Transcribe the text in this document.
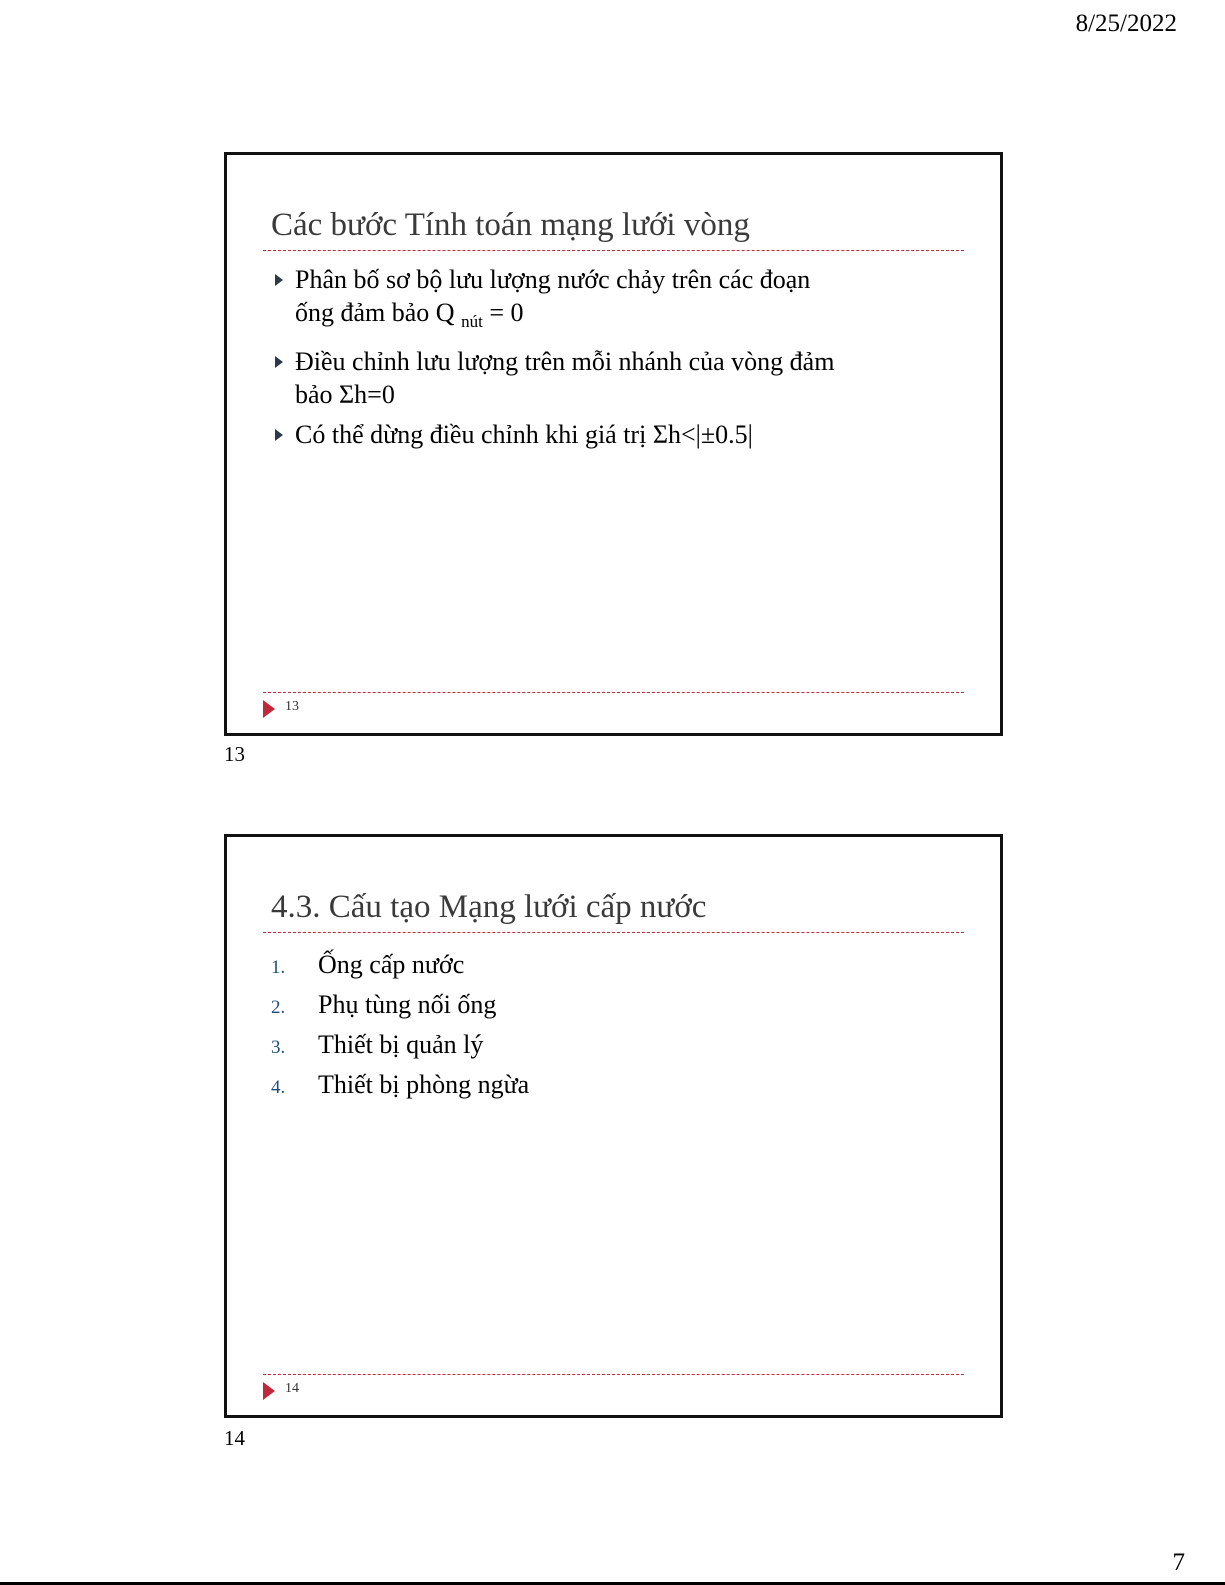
8/25/2022
Các bước Tính toán mạng lưới vòng
Phân bố sơ bộ lưu lượng nước chảy trên các đoạn
ống đảm bảo Q $_{nút}$ = 0
Điều chỉnh lưu lượng trên mỗi nhánh của vòng đảm
bảo Σh=0
Có thể dừng điều chỉnh khi giá trị Σh<|±0.5|
13
13
4.3. Cấu tạo Mạng lưới cấp nước
1. Ống cấp nước
2. Phụ tùng nối ống
3. Thiết bị quản lý
4. Thiết bị phòng ngừa
14
14
7
